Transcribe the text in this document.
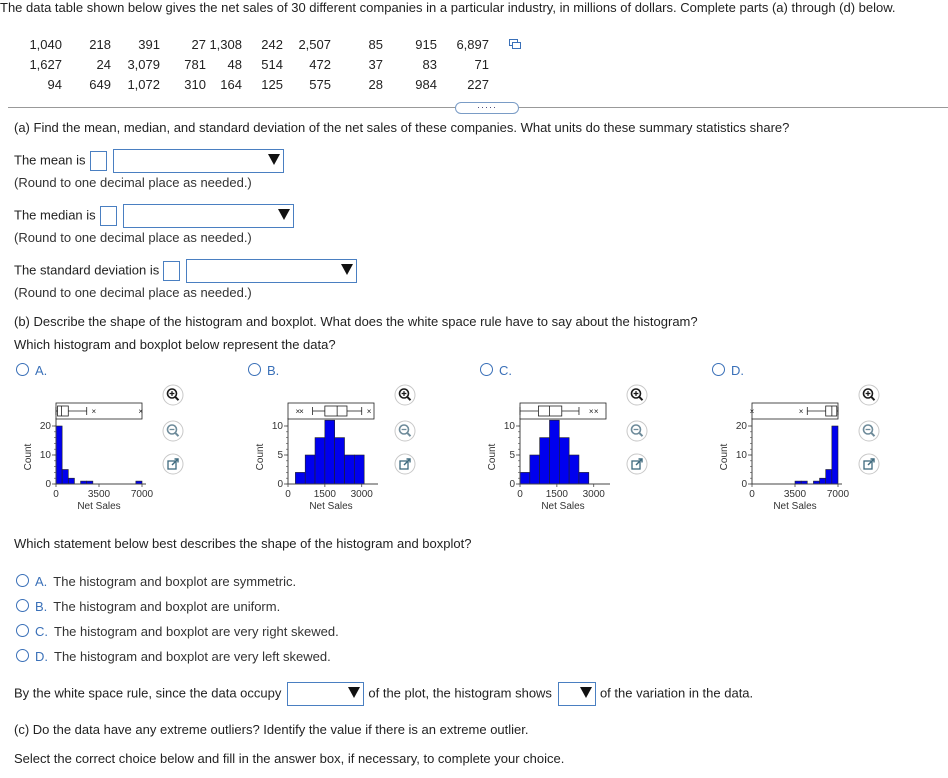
The data table shown below gives the net sales of 30 different companies in a particular industry, in millions of dollars. Complete parts (a) through (d) below.
1,040	218	391	27	1,308	242	2,507	85	915	6,897
1,627	24	3,079	781	48	514	472	37	83	71
94	649	1,072	310	164	125	575	28	984	227
·····
(a) Find the mean, median, and standard deviation of the net sales of these companies. What units do these summary statistics share?
The mean is
(Round to one decimal place as needed.)
The median is
(Round to one decimal place as needed.)
The standard deviation is
(Round to one decimal place as needed.)
(b) Describe the shape of the histogram and boxplot. What does the white space rule have to say about the histogram?
Which histogram and boxplot below represent the data?
A.	B.	C.	D.
0
10
20
0	3500 7000
Net Sales
Count
×	×
0
5
10
0 1500 3000
Net Sales
Count
× ×	×
0
5
10
0 1500 3000
Net Sales
Count
× ×
0
10
20
0	3500 7000
Net Sales
Count
×	×
Which statement below best describes the shape of the histogram and boxplot?
A. The histogram and boxplot are symmetric.
B. The histogram and boxplot are uniform.
C. The histogram and boxplot are very right skewed.
D. The histogram and boxplot are very left skewed.
By the white space rule, since the data occupy	of the plot, the histogram shows	of the variation in the data.
(c) Do the data have any extreme outliers? Identify the value if there is an extreme outlier.
Select the correct choice below and fill in the answer box, if necessary, to complete your choice.
